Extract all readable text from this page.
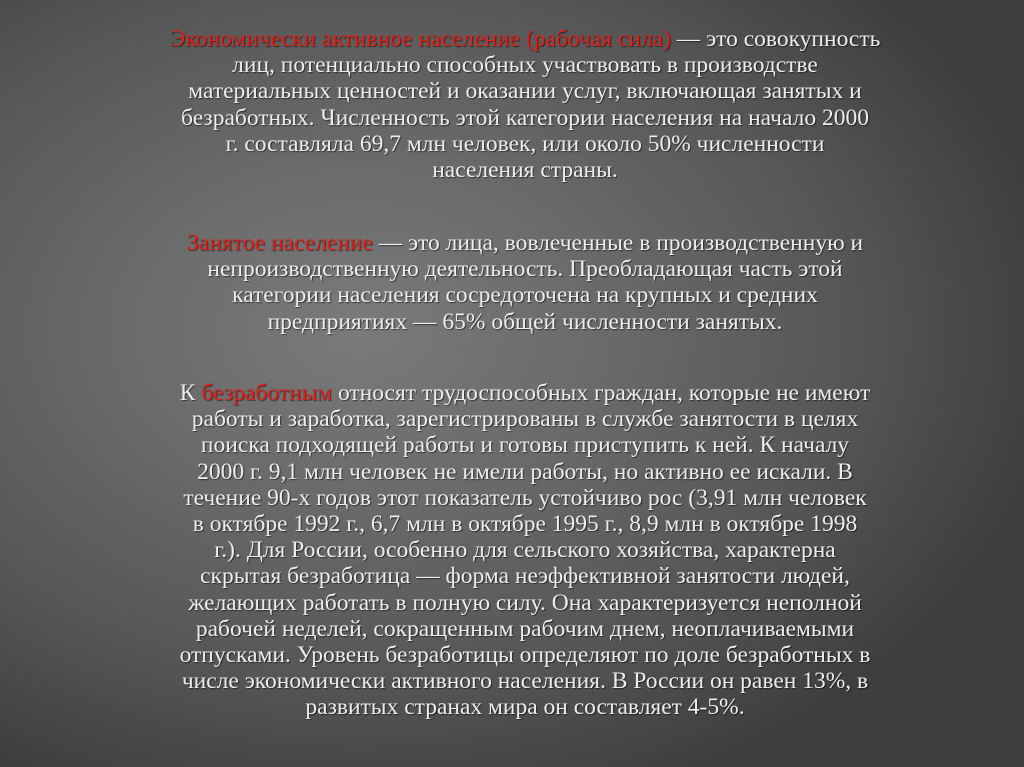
Экономически активное население (рабочая сила) — это совокупность
лиц, потенциально способных участвовать в производстве
материальных ценностей и оказании услуг, включающая занятых и
безработных. Численность этой категории населения на начало 2000
г. составляла 69,7 млн человек, или около 50% численности
населения страны.
Занятое население — это лица, вовлеченные в производственную и
непроизводственную деятельность. Преобладающая часть этой
категории населения сосредоточена на крупных и средних
предприятиях — 65% общей численности занятых.
К безработным относят трудоспособных граждан, которые не имеют
работы и заработка, зарегистрированы в службе занятости в целях
поиска подходящей работы и готовы приступить к ней. К началу
2000 г. 9,1 млн человек не имели работы, но активно ее искали. В
течение 90-х годов этот показатель устойчиво рос (3,91 млн человек
в октябре 1992 г., 6,7 млн в октябре 1995 г., 8,9 млн в октябре 1998
г.). Для России, особенно для сельского хозяйства, характерна
скрытая безработица — форма неэффективной занятости людей,
желающих работать в полную силу. Она характеризуется неполной
рабочей неделей, сокращенным рабочим днем, неоплачиваемыми
отпусками. Уровень безработицы определяют по доле безработных в
числе экономически активного населения. В России он равен 13%, в
развитых странах мира он составляет 4-5%.
